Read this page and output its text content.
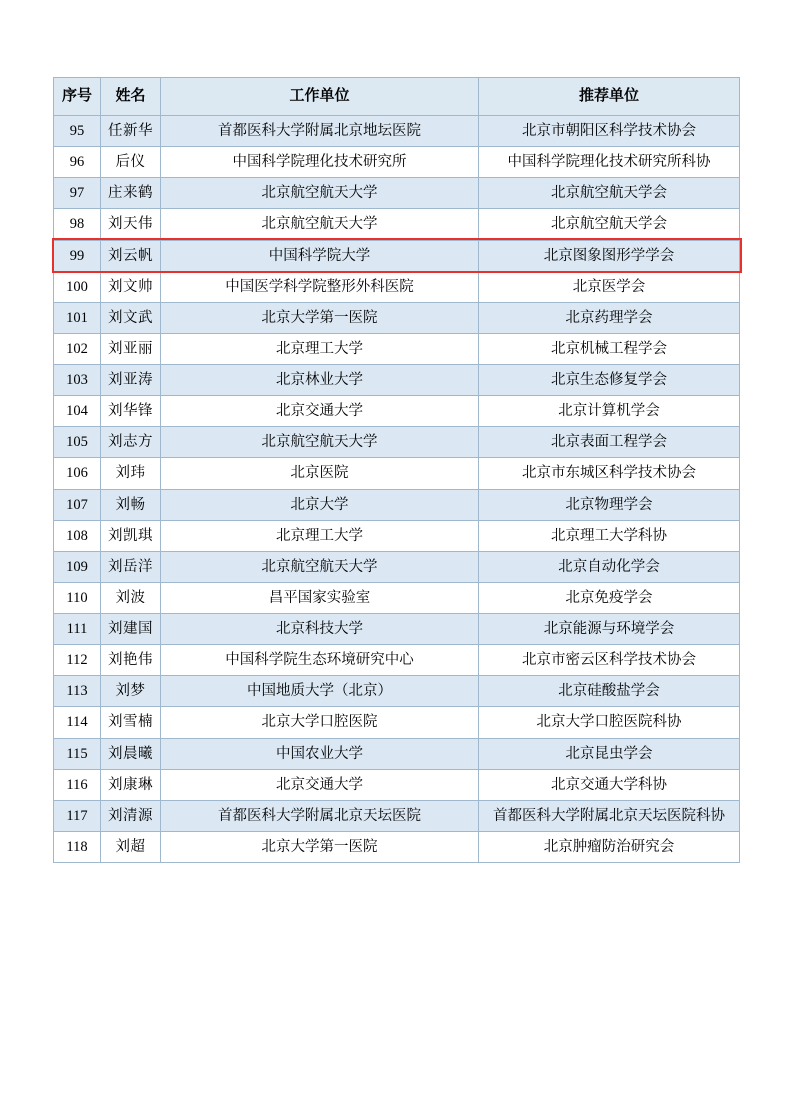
序号	姓名	工作单位	推荐单位
95	任新华	首都医科大学附属北京地坛医院	北京市朝阳区科学技术协会
96	后仪	中国科学院理化技术研究所	中国科学院理化技术研究所科协
97	庄来鹤	北京航空航天大学	北京航空航天学会
98	刘天伟	北京航空航天大学	北京航空航天学会
99	刘云帆	中国科学院大学	北京图象图形学学会
100	刘文帅	中国医学科学院整形外科医院	北京医学会
101	刘文武	北京大学第一医院	北京药理学会
102	刘亚丽	北京理工大学	北京机械工程学会
103	刘亚涛	北京林业大学	北京生态修复学会
104	刘华锋	北京交通大学	北京计算机学会
105	刘志方	北京航空航天大学	北京表面工程学会
106	刘玮	北京医院	北京市东城区科学技术协会
107	刘畅	北京大学	北京物理学会
108	刘凯琪	北京理工大学	北京理工大学科协
109	刘岳洋	北京航空航天大学	北京自动化学会
110	刘波	昌平国家实验室	北京免疫学会
111	刘建国	北京科技大学	北京能源与环境学会
112	刘艳伟	中国科学院生态环境研究中心	北京市密云区科学技术协会
113	刘梦	中国地质大学（北京）	北京硅酸盐学会
114	刘雪楠	北京大学口腔医院	北京大学口腔医院科协
115	刘晨曦	中国农业大学	北京昆虫学会
116	刘康琳	北京交通大学	北京交通大学科协
117	刘清源	首都医科大学附属北京天坛医院	首都医科大学附属北京天坛医院科协
118	刘超	北京大学第一医院	北京肿瘤防治研究会
